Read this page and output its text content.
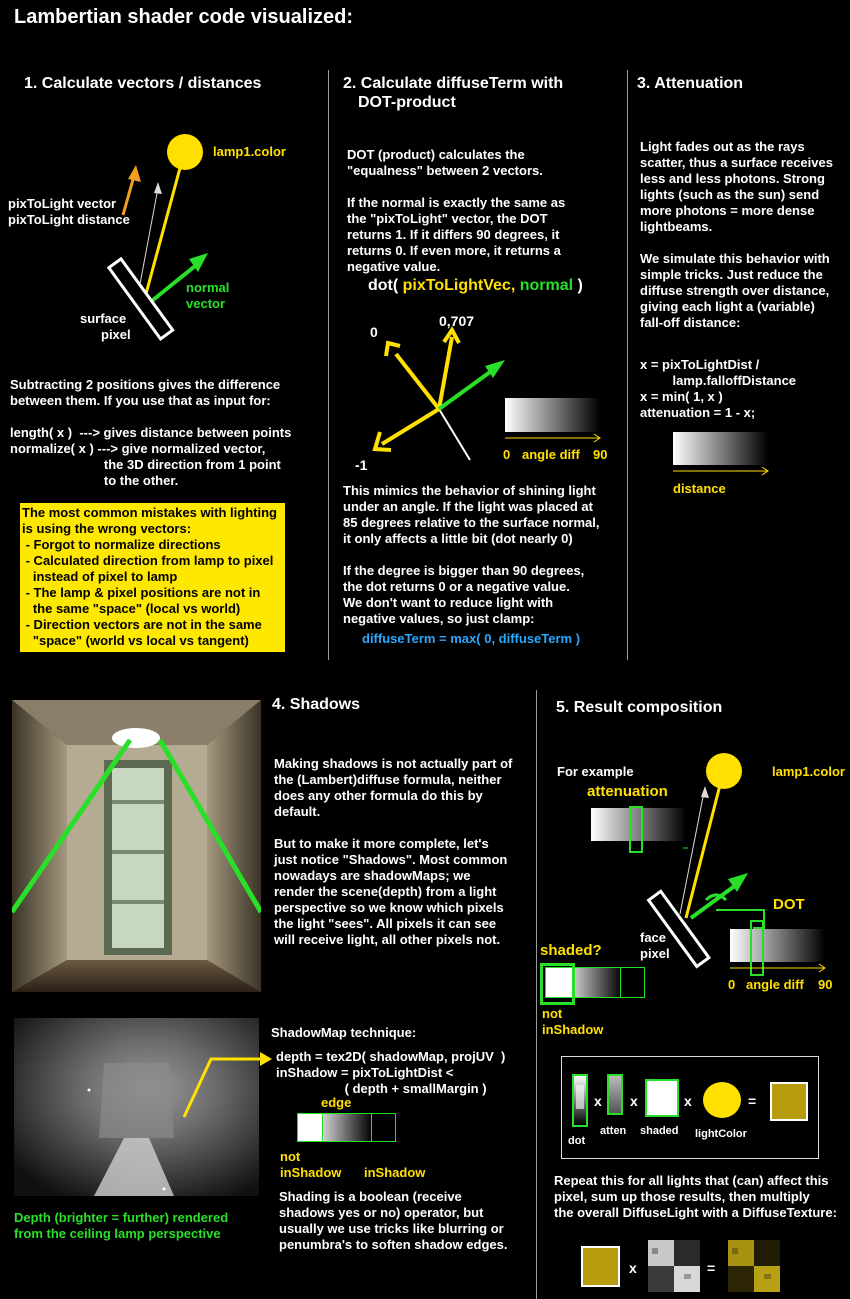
Lambertian shader code visualized:
1. Calculate vectors / distances
lamp1.color
pixToLight vector
pixToLight distance
normal
vector
surface
pixel
Subtracting 2 positions gives the difference
between them. If you use that as input for:

length( x )  ---> gives distance between points
normalize( x ) ---> give normalized vector,
the 3D direction from 1 point
to the other.
The most common mistakes with lighting
is using the wrong vectors:
- Forgot to normalize directions
- Calculated direction from lamp to pixel
instead of pixel to lamp
- The lamp & pixel positions are not in
the same "space" (local vs world)
- Direction vectors are not in the same
"space" (world vs local vs tangent)
2. Calculate diffuseTerm with
DOT-product
DOT (product) calculates the
"equalness" between 2 vectors.

If the normal is exactly the same as
the "pixToLight" vector, the DOT
returns 1. If it differs 90 degrees, it
returns 0. If even more, it returns a
negative value.
dot( pixToLightVec, normal )
0
0,707
-1
0 angle diff 90
This mimics the behavior of shining light
under an angle. If the light was placed at
85 degrees relative to the surface normal,
it only affects a little bit (dot nearly 0)

If the degree is bigger than 90 degrees,
the dot returns 0 or a negative value.
We don't want to reduce light with
negative values, so just clamp:
diffuseTerm = max( 0, diffuseTerm )
3. Attenuation
Light fades out as the rays
scatter, thus a surface receives
less and less photons. Strong
lights (such as the sun) send
more photons = more dense
lightbeams.

We simulate this behavior with
simple tricks. Just reduce the
diffuse strength over distance,
giving each light a (variable)
fall-off distance:
x = pixToLightDist /
lamp.falloffDistance
x = min( 1, x )
attenuation = 1 - x;
distance
4. Shadows
Making shadows is not actually part of
the (Lambert)diffuse formula, neither
does any other formula do this by
default.

But to make it more complete, let's
just notice "Shadows". Most common
nowadays are shadowMaps; we
render the scene(depth) from a light
perspective so we know which pixels
the light "sees". All pixels it can see
will receive light, all other pixels not.
Depth (brighter = further) rendered
from the ceiling lamp perspective
ShadowMap technique:
depth = tex2D( shadowMap, projUV  )
inShadow = pixToLightDist <
( depth + smallMargin )
edge
not
inShadow inShadow
Shading is a boolean (receive
shadows yes or no) operator, but
usually we use tricks like blurring or
penumbra's to soften shadow edges.
5. Result composition
For example
attenuation
lamp1.color
DOT
face
pixel
0 angle diff 90
shaded?
not
inShadow
x x	x	=
dot
atten shaded lightColor
Repeat this for all lights that (can) affect this
pixel, sum up those results, then multiply
the overall DiffuseLight with a DiffuseTexture:
x	=
